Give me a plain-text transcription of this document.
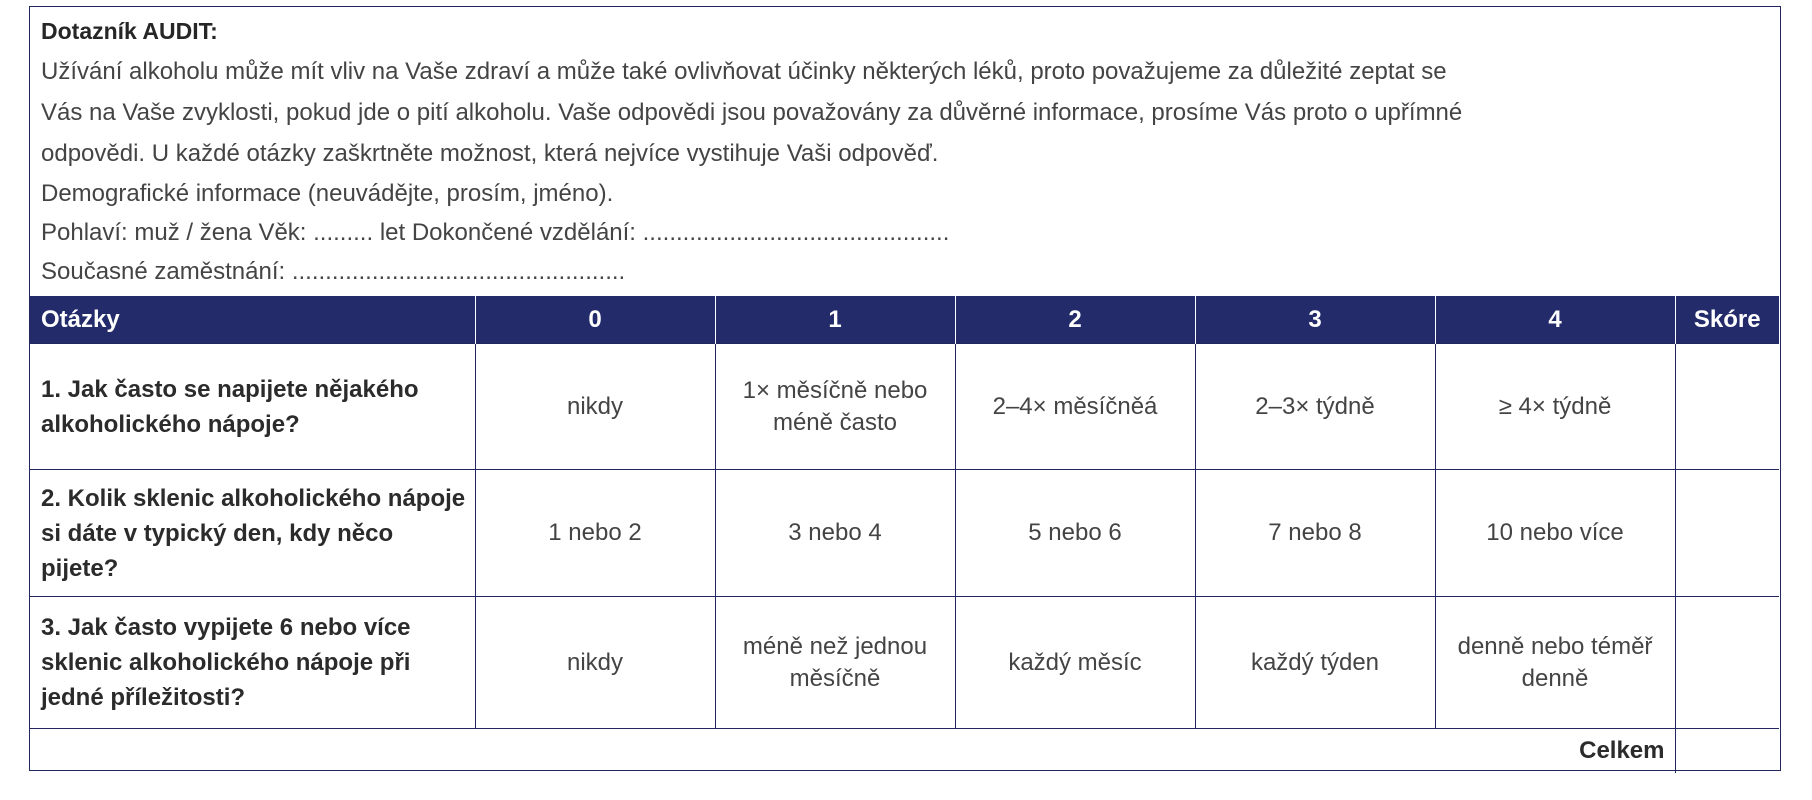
Dotazník AUDIT:
Užívání alkoholu může mít vliv na Vaše zdraví a může také ovlivňovat účinky některých léků, proto považujeme za důležité zeptat se
Vás na Vaše zvyklosti, pokud jde o pití alkoholu. Vaše odpovědi jsou považovány za důvěrné informace, prosíme Vás proto o upřímné
odpovědi. U každé otázky zaškrtněte možnost, která nejvíce vystihuje Vaši odpověď.
Demografické informace (neuvádějte, prosím, jméno).
Pohlaví: muž / žena Věk: ......... let Dokončené vzdělání: ..............................................
Současné zaměstnání: ..................................................
Otázky	0	1	2	3	4	Skóre
1. Jak často se napijete nějakého alkoholického nápoje?	nikdy	1× měsíčně nebo méně často	2–4× měsíčněá	2–3× týdně	≥ 4× týdně	
2. Kolik sklenic alkoholického nápoje si dáte v typický den, kdy něco pijete?	1 nebo 2	3 nebo 4	5 nebo 6	7 nebo 8	10 nebo více	
3. Jak často vypijete 6 nebo více sklenic alkoholického nápoje při jedné příležitosti?	nikdy	méně než jednou měsíčně	každý měsíc	každý týden	denně nebo téměř denně	
Celkem						
